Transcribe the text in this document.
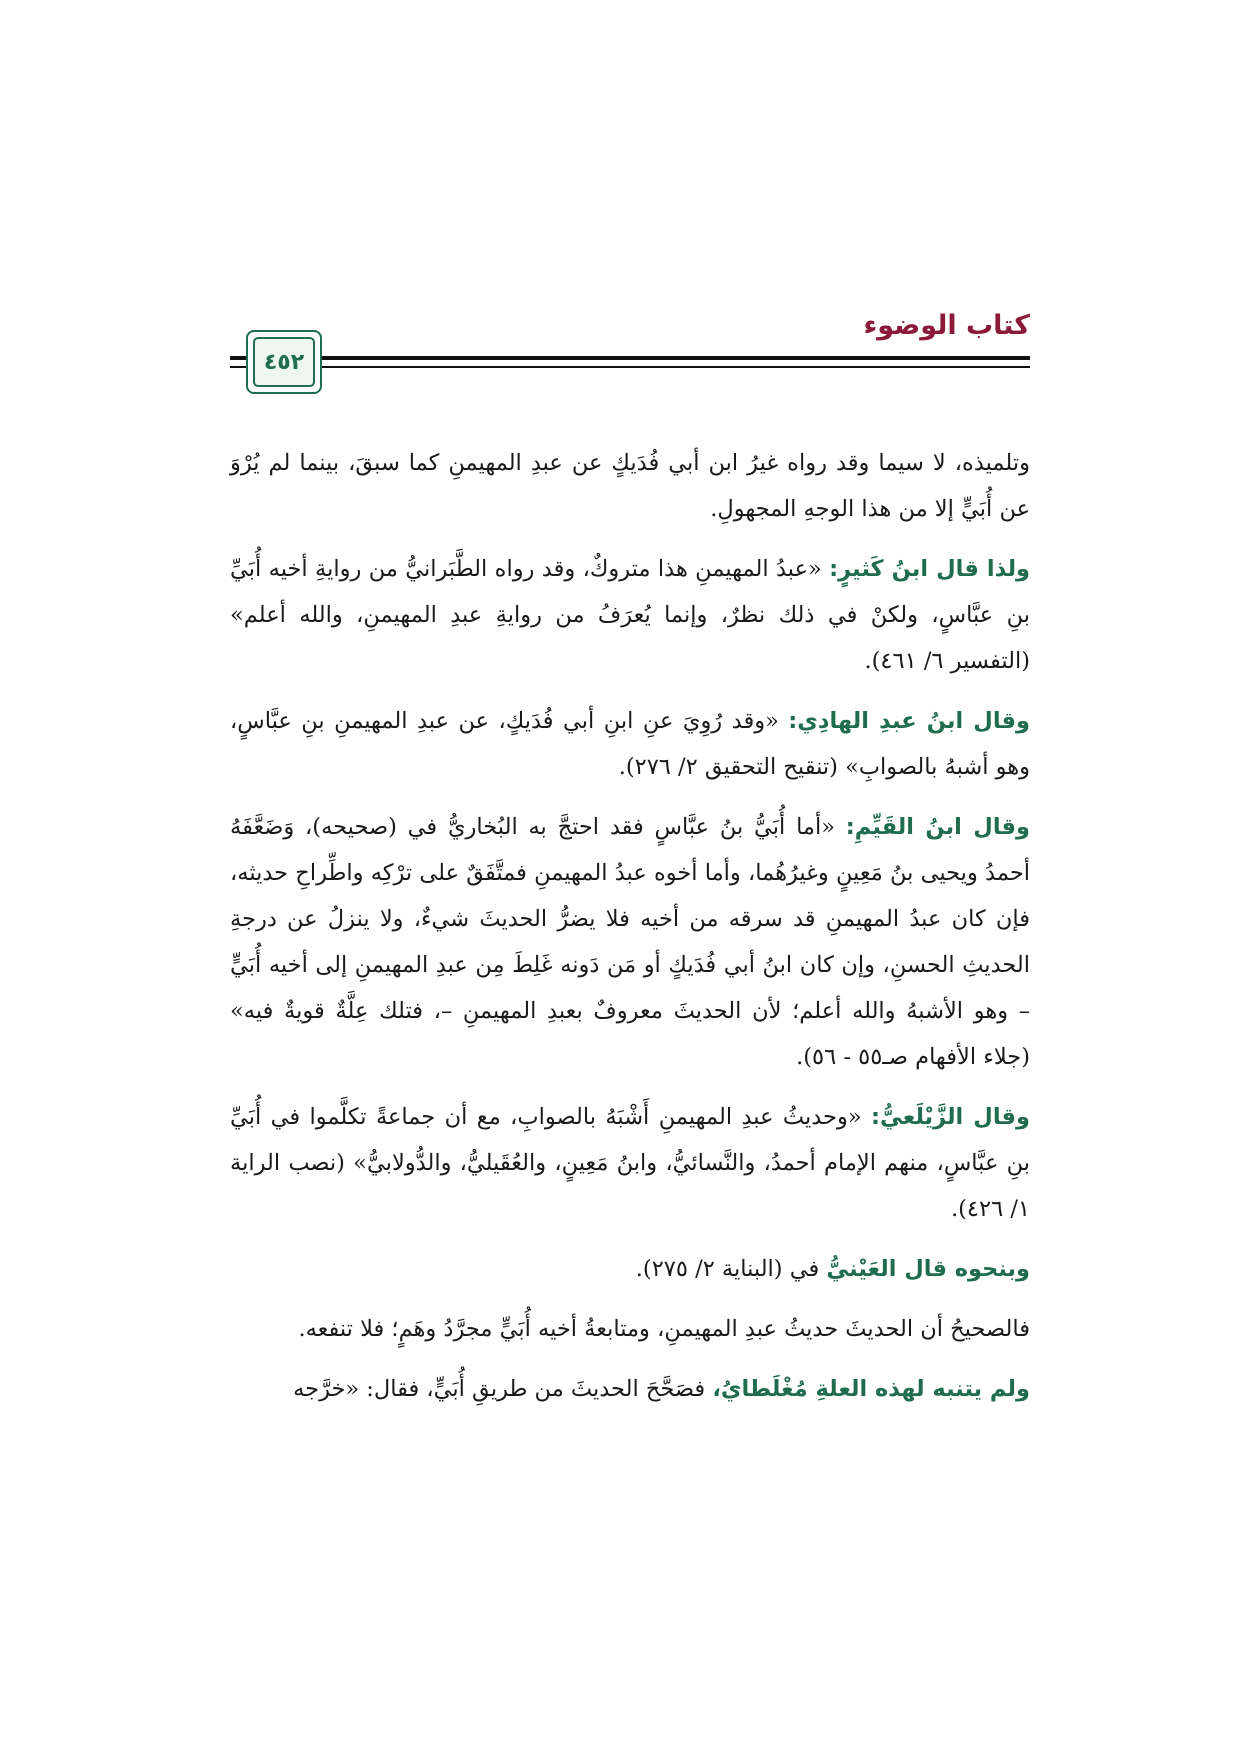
كتاب الوضوء
٤٥٢

وتلميذه، لا سيما وقد رواه غيرُ ابن أبي فُدَيكٍ عن عبدِ المهيمنِ كما سبقَ، بينما لم يُرْوَ عن أُبَيٍّ إلا من هذا الوجهِ المجهولِ.

ولذا قال ابنُ كَثيرٍ: «عبدُ المهيمنِ هذا متروكٌ، وقد رواه الطَّبَرانيُّ من روايةِ أخيه أُبَيِّ بنِ عبَّاسٍ، ولكنْ في ذلك نظرٌ، وإنما يُعرَفُ من روايةِ عبدِ المهيمنِ، والله أعلم» (التفسير ٦/ ٤٦١).

وقال ابنُ عبدِ الهادِي: «وقد رُوِيَ عنِ ابنِ أبي فُدَيكٍ، عن عبدِ المهيمنِ بنِ عبَّاسٍ، وهو أشبهُ بالصوابِ» (تنقيح التحقيق ٢/ ٢٧٦).

وقال ابنُ القَيِّمِ: «أما أُبَيُّ بنُ عبَّاسٍ فقد احتجَّ به البُخاريُّ في (صحيحه)، وَضَعَّفَهُ أحمدُ ويحيى بنُ مَعِينٍ وغيرُهُما، وأما أخوه عبدُ المهيمنِ فمتَّفَقٌ على ترْكِه واطِّراحِ حديثه، فإن كان عبدُ المهيمنِ قد سرقه من أخيه فلا يضرُّ الحديثَ شيءٌ، ولا ينزلُ عن درجةِ الحديثِ الحسنِ، وإن كان ابنُ أبي فُدَيكٍ أو مَن دَونه غَلِطَ مِن عبدِ المهيمنِ إلى أخيه أُبَيٍّ – وهو الأشبهُ والله أعلم؛ لأن الحديثَ معروفٌ بعبدِ المهيمنِ –، فتلك عِلَّةٌ قويةٌ فيه» (جلاء الأفهام صـ٥٥ - ٥٦).

وقال الزَّيْلَعيُّ: «وحديثُ عبدِ المهيمنِ أَشْبَهُ بالصوابِ، مع أن جماعةً تكلَّموا في أُبَيِّ بنِ عبَّاسٍ، منهم الإمام أحمدُ، والنَّسائيُّ، وابنُ مَعِينٍ، والعُقَيليُّ، والدُّولابيُّ» (نصب الراية ١/ ٤٢٦).

وبنحوه قال العَيْنيُّ في (البناية ٢/ ٢٧٥).

فالصحيحُ أن الحديثَ حديثُ عبدِ المهيمنِ، ومتابعةُ أخيه أُبَيٍّ مجرَّدُ وهَمٍ؛ فلا تنفعه.

ولم يتنبه لهذه العلةِ مُغْلَطايُ، فصَحَّحَ الحديثَ من طريقِ أُبَيٍّ، فقال: «خرَّجه
